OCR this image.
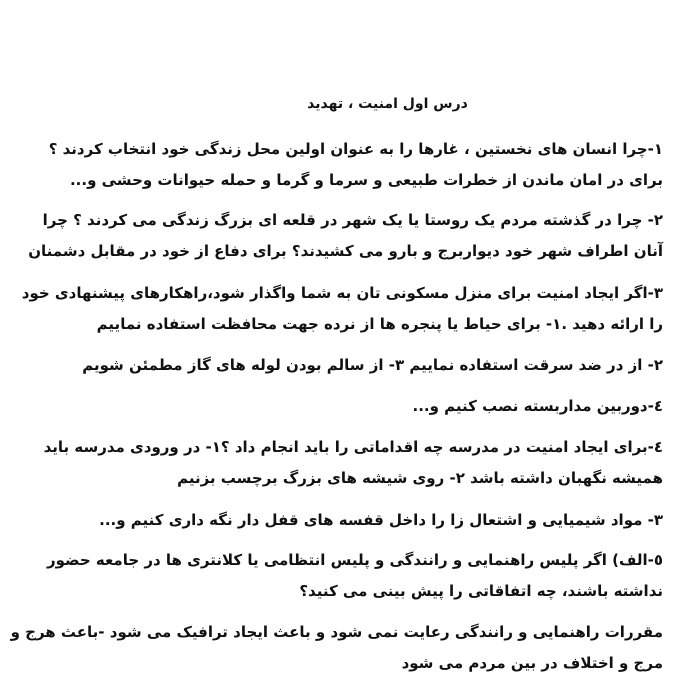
درس اول امنیت ، تهدید
۱-چرا انسان های نخستین ، غارها را به عنوان اولین محل زندگی خود انتخاب کردند ؟
برای در امان ماندن از خطرات طبیعی و سرما و گرما و حمله حیوانات وحشی و...
۲- چرا در گذشته مردم یک روستا یا یک شهر در قلعه ای بزرگ زندگی می کردند ؟ چرا
آنان اطراف شهر خود دیواربرج و بارو می کشیدند؟ برای دفاع از خود در مقابل دشمنان
۳-اگر ایجاد امنیت برای منزل مسکونی تان به شما واگذار شود،راهکارهای پیشنهادی خود
را ارائه دهید .۱- برای حیاط یا پنجره ها از نرده جهت محافظت استفاده نماییم
۲- از در ضد سرقت استفاده نماییم ۳- از سالم بودن لوله های گاز مطمئن شویم
٤-دوربین مداربسته نصب کنیم و...
٤-برای ایجاد امنیت در مدرسه چه اقداماتی را باید انجام داد ؟۱- در ورودی مدرسه باید
همیشه نگهبان داشته باشد ۲- روی شیشه های بزرگ برچسب بزنیم
۳- مواد شیمیایی و اشتعال زا را داخل قفسه های قفل دار نگه داری کنیم و...
٥-الف) اگر پلیس راهنمایی و رانندگی و پلیس انتظامی یا کلانتری ها در جامعه حضور
نداشته باشند، چه اتفاقاتی را پیش بینی می کنید؟
مقررات راهنمایی و رانندگی رعایت نمی شود و باعث ایجاد ترافیک می شود -باعث هرج و
مرج و اختلاف در بین مردم می شود
